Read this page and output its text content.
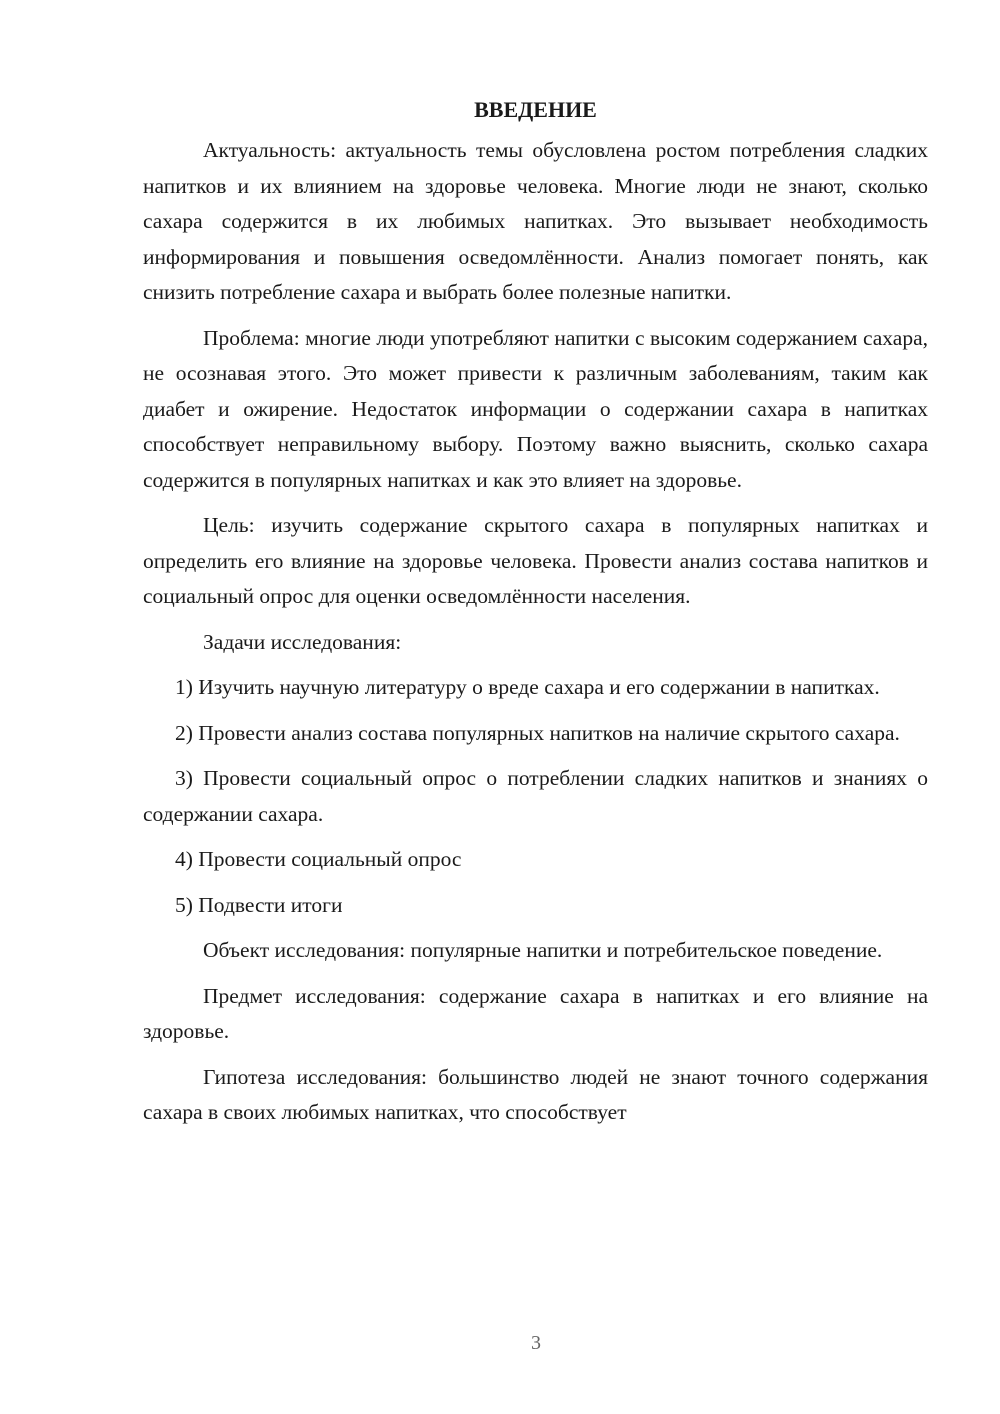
ВВЕДЕНИЕ

Актуальность: актуальность темы обусловлена ростом потребления сладких напитков и их влиянием на здоровье человека. Многие люди не знают, сколько сахара содержится в их любимых напитках. Это вызывает необходимость информирования и повышения осведомлённости. Анализ помогает понять, как снизить потребление сахара и выбрать более полезные напитки.

Проблема: многие люди употребляют напитки с высоким содержанием сахара, не осознавая этого. Это может привести к различным заболеваниям, таким как диабет и ожирение. Недостаток информации о содержании сахара в напитках способствует неправильному выбору. Поэтому важно выяснить, сколько сахара содержится в популярных напитках и как это влияет на здоровье.

Цель: изучить содержание скрытого сахара в популярных напитках и определить его влияние на здоровье человека. Провести анализ состава напитков и социальный опрос для оценки осведомлённости населения.

Задачи исследования:

1) Изучить научную литературу о вреде сахара и его содержании в напитках.

2) Провести анализ состава популярных напитков на наличие скрытого сахара.

3) Провести социальный опрос о потреблении сладких напитков и знаниях о содержании сахара.

4) Провести социальный опрос

5) Подвести итоги

Объект исследования: популярные напитки и потребительское поведение.

Предмет исследования: содержание сахара в напитках и его влияние на здоровье.

Гипотеза исследования: большинство людей не знают точного содержания сахара в своих любимых напитках, что способствует

3
